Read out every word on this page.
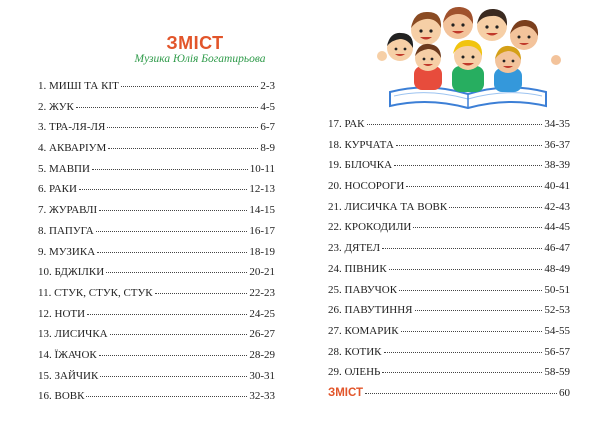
ЗМІСТ
Музика Юлія Богатирьова
1. МИШІ ТА КІТ	2-3
2. ЖУК	4-5
3. ТРА-ЛЯ-ЛЯ	6-7
4. АКВАРІУМ	8-9
5. МАВПИ	10-11
6. РАКИ	12-13
7. ЖУРАВЛІ	14-15
8. ПАПУГА	16-17
9. МУЗИКА	18-19
10. БДЖІЛКИ	20-21
11. СТУК, СТУК, СТУК	22-23
12. НОТИ	24-25
13. ЛИСИЧКА	26-27
14. ЇЖАЧОК	28-29
15. ЗАЙЧИК	30-31
16. ВОВК	32-33
17. РАК	34-35
18. КУРЧАТА	36-37
19. БІЛОЧКА	38-39
20. НОСОРОГИ	40-41
21. ЛИСИЧКА ТА ВОВК	42-43
22. КРОКОДИЛИ	44-45
23. ДЯТЕЛ	46-47
24. ПІВНИК	48-49
25. ПАВУЧОК	50-51
26. ПАВУТИННЯ	52-53
27. КОМАРИК	54-55
28. КОТИК	56-57
29. ОЛЕНЬ	58-59
ЗМІСТ	60
